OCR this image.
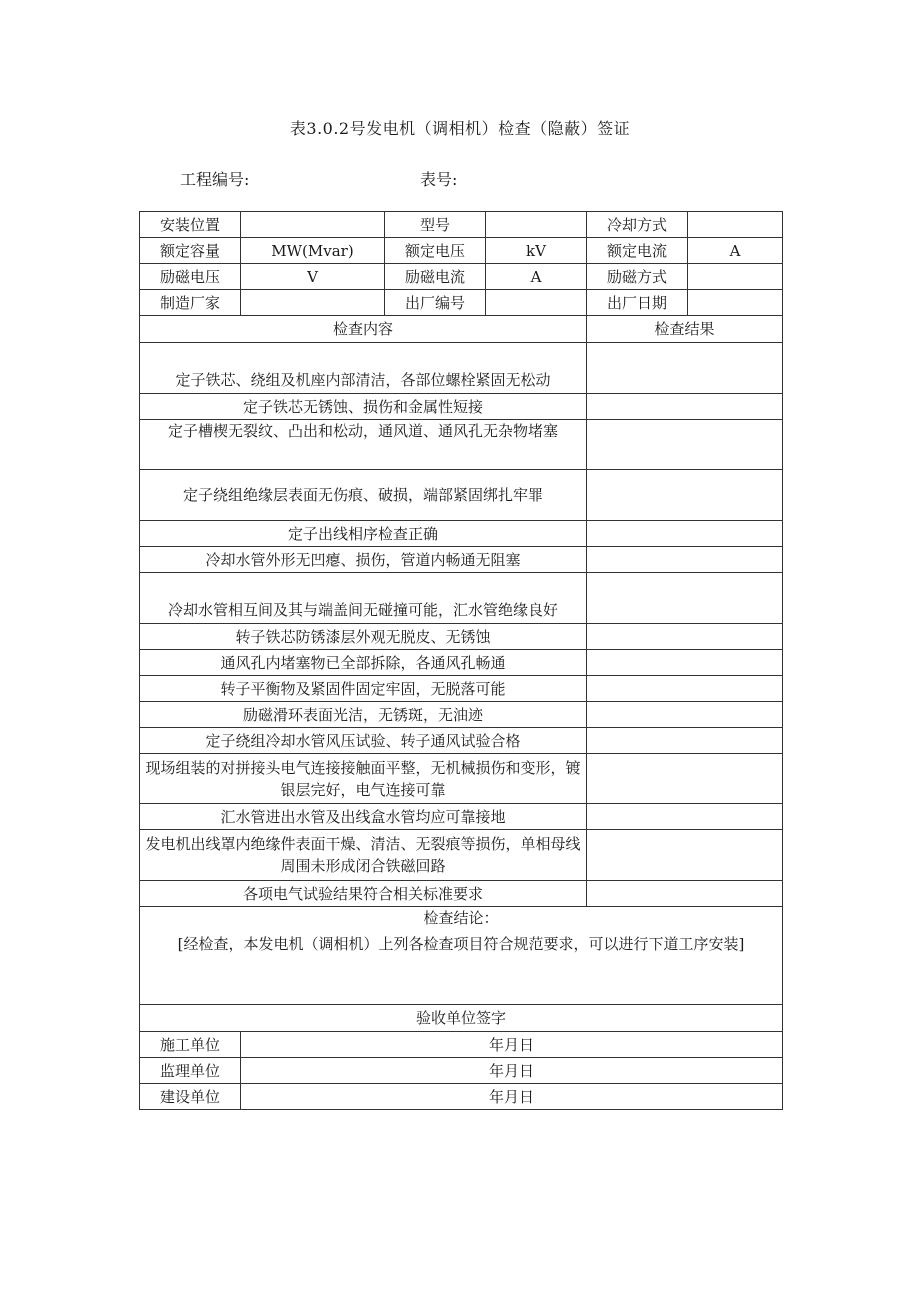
表3.0.2号发电机（调相机）检查（隐蔽）签证
工程编号:	表号:
安装位置		型号		冷却方式	
额定容量	MW(Mvar)	额定电压	kV	额定电流	A
励磁电压	V	励磁电流	A	励磁方式	
制造厂家		出厂编号		出厂日期	
检查内容				检查结果	
定子铁芯、绕组及机座内部清洁，各部位螺栓紧固无松动					
定子铁芯无锈蚀、损伤和金属性短接					
定子槽楔无裂纹、凸出和松动，通风道、通风孔无杂物堵塞					
定子绕组绝缘层表面无伤痕、破损，端部紧固绑扎牢罪					
定子出线相序检查正确					
冷却水管外形无凹瘪、损伤，管道内畅通无阻塞					
冷却水管相互间及其与端盖间无碰撞可能，汇水管绝缘良好					
转子铁芯防锈漆层外观无脱皮、无锈蚀					
通风孔内堵塞物已全部拆除，各通风孔畅通					
转子平衡物及紧固件固定牢固，无脱落可能					
励磁滑环表面光洁，无锈斑，无油迹					
定子绕组冷却水管风压试验、转子通风试验合格					
现场组装的对拼接头电气连接接触面平整，无机械损伤和变形，镀银层完好，电气连接可靠					
汇水管进出水管及出线盒水管均应可靠接地					
发电机出线罩内绝缘件表面干燥、清洁、无裂痕等损伤，单相母线周围未形成闭合铁磁回路					
各项电气试验结果符合相关标准要求					

检查结论：

[经检查，本发电机（调相机）上列各检查项目符合规范要求，可以进行下道工序安装]					

验收单位签字					
施工单位	年月日				
监理单位	年月日				
建设单位	年月日				
